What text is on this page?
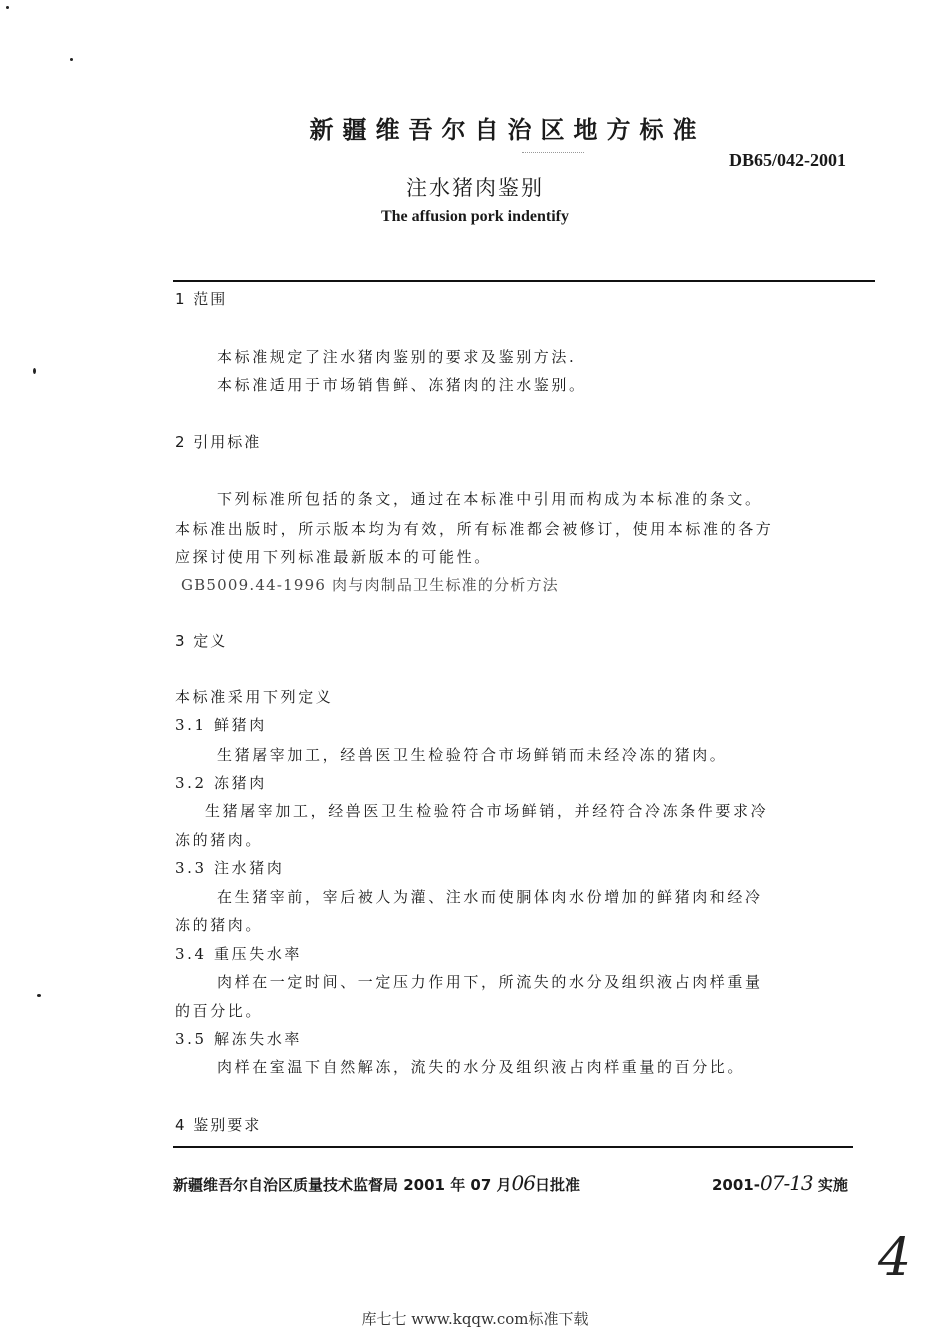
新疆维吾尔自治区地方标准
DB65/042-2001
注水猪肉鉴别
The affusion pork indentify
1 范围
本标准规定了注水猪肉鉴别的要求及鉴别方法.
本标准适用于市场销售鲜、冻猪肉的注水鉴别。
2 引用标准
下列标准所包括的条文，通过在本标准中引用而构成为本标准的条文。
本标准出版时，所示版本均为有效，所有标准都会被修订，使用本标准的各方
应探讨使用下列标准最新版本的可能性。
GB5009.44-1996 肉与肉制品卫生标准的分析方法
3 定义
本标准采用下列定义
3.1 鲜猪肉
生猪屠宰加工，经兽医卫生检验符合市场鲜销而未经冷冻的猪肉。
3.2 冻猪肉
生猪屠宰加工，经兽医卫生检验符合市场鲜销，并经符合冷冻条件要求冷
冻的猪肉。
3.3 注水猪肉
在生猪宰前，宰后被人为灌、注水而使胴体肉水份增加的鲜猪肉和经冷
冻的猪肉。
3.4 重压失水率
肉样在一定时间、一定压力作用下，所流失的水分及组织液占肉样重量
的百分比。
3.5 解冻失水率
肉样在室温下自然解冻，流失的水分及组织液占肉样重量的百分比。
4 鉴别要求
新疆维吾尔自治区质量技术监督局 2001 年 07 月06日批准	2001-07-13 实施
4
库七七 www.kqqw.com标准下载
